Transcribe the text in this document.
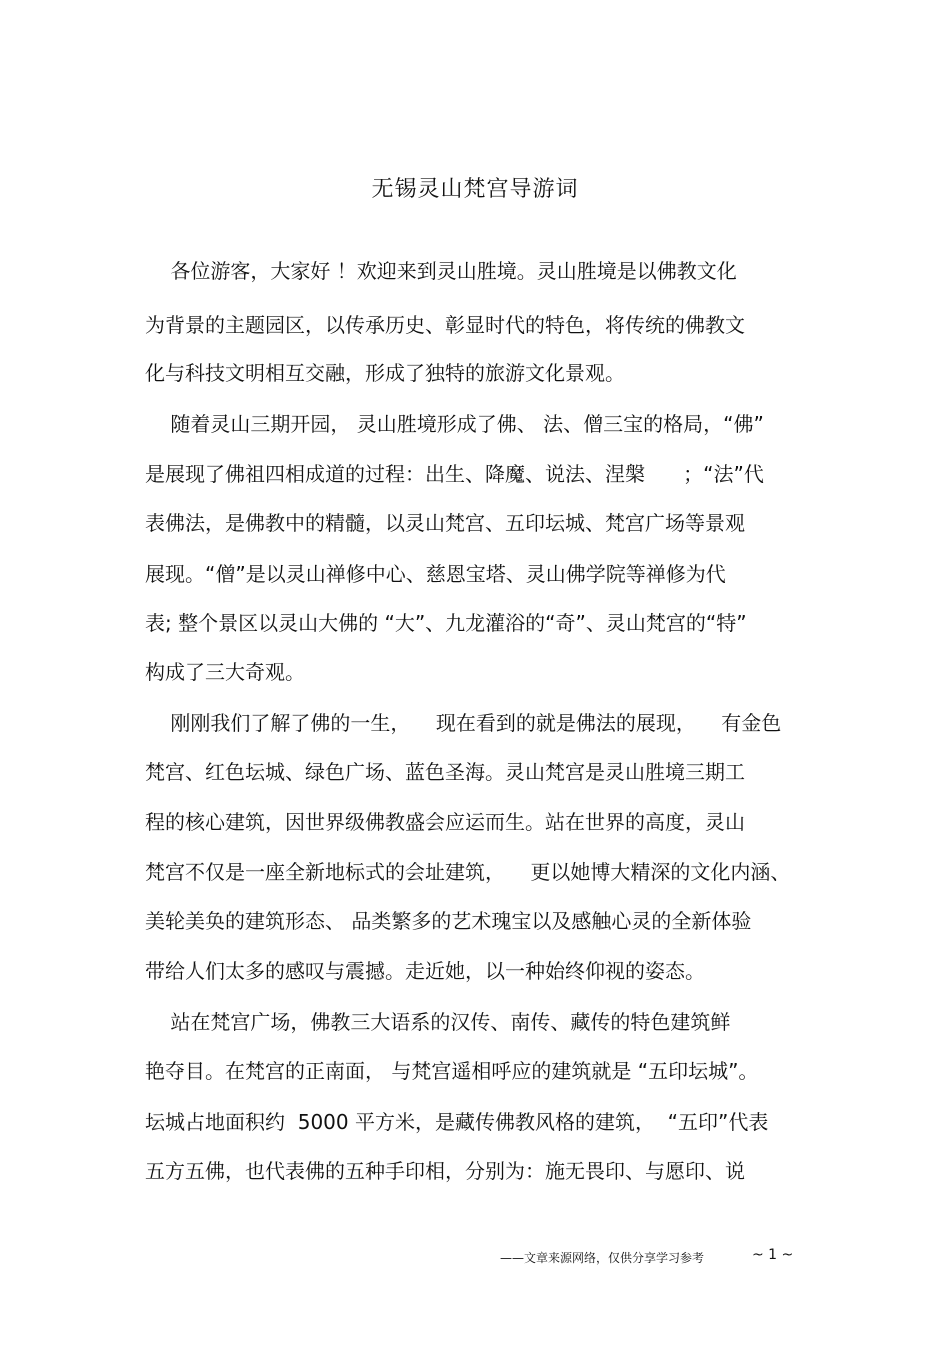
无锡灵山梵宫导游词
各位游客，大家好 ！欢迎来到灵山胜境。灵山胜境是以佛教文化
为背景的主题园区，以传承历史、彰显时代的特色，将传统的佛教文
化与科技文明相互交融，形成了独特的旅游文化景观。
随着灵山三期开园， 灵山胜境形成了佛、 法、僧三宝的格局，“佛”
是展现了佛祖四相成道的过程：出生、降魔、说法、涅槃      ；“法”代
表佛法，是佛教中的精髓，以灵山梵宫、五印坛城、梵宫广场等景观
展现。“僧”是以灵山禅修中心、慈恩宝塔、灵山佛学院等禅修为代
表; 整个景区以灵山大佛的 “大”、九龙灌浴的“奇”、灵山梵宫的“特”
构成了三大奇观。
刚刚我们了解了佛的一生，    现在看到的就是佛法的展现，    有金色
梵宫、红色坛城、绿色广场、蓝色圣海。灵山梵宫是灵山胜境三期工
程的核心建筑，因世界级佛教盛会应运而生。站在世界的高度，灵山
梵宫不仅是一座全新地标式的会址建筑，    更以她博大精深的文化内涵、
美轮美奂的建筑形态、 品类繁多的艺术瑰宝以及感触心灵的全新体验
带给人们太多的感叹与震撼。走近她，以一种始终仰视的姿态。
站在梵宫广场，佛教三大语系的汉传、南传、藏传的特色建筑鲜
艳夺目。在梵宫的正南面， 与梵宫遥相呼应的建筑就是 “五印坛城”。
坛城占地面积约  5000 平方米，是藏传佛教风格的建筑，  “五印”代表
五方五佛，也代表佛的五种手印相，分别为：施无畏印、与愿印、说
——文章来源网络，仅供分享学习参考	~ 1 ~
